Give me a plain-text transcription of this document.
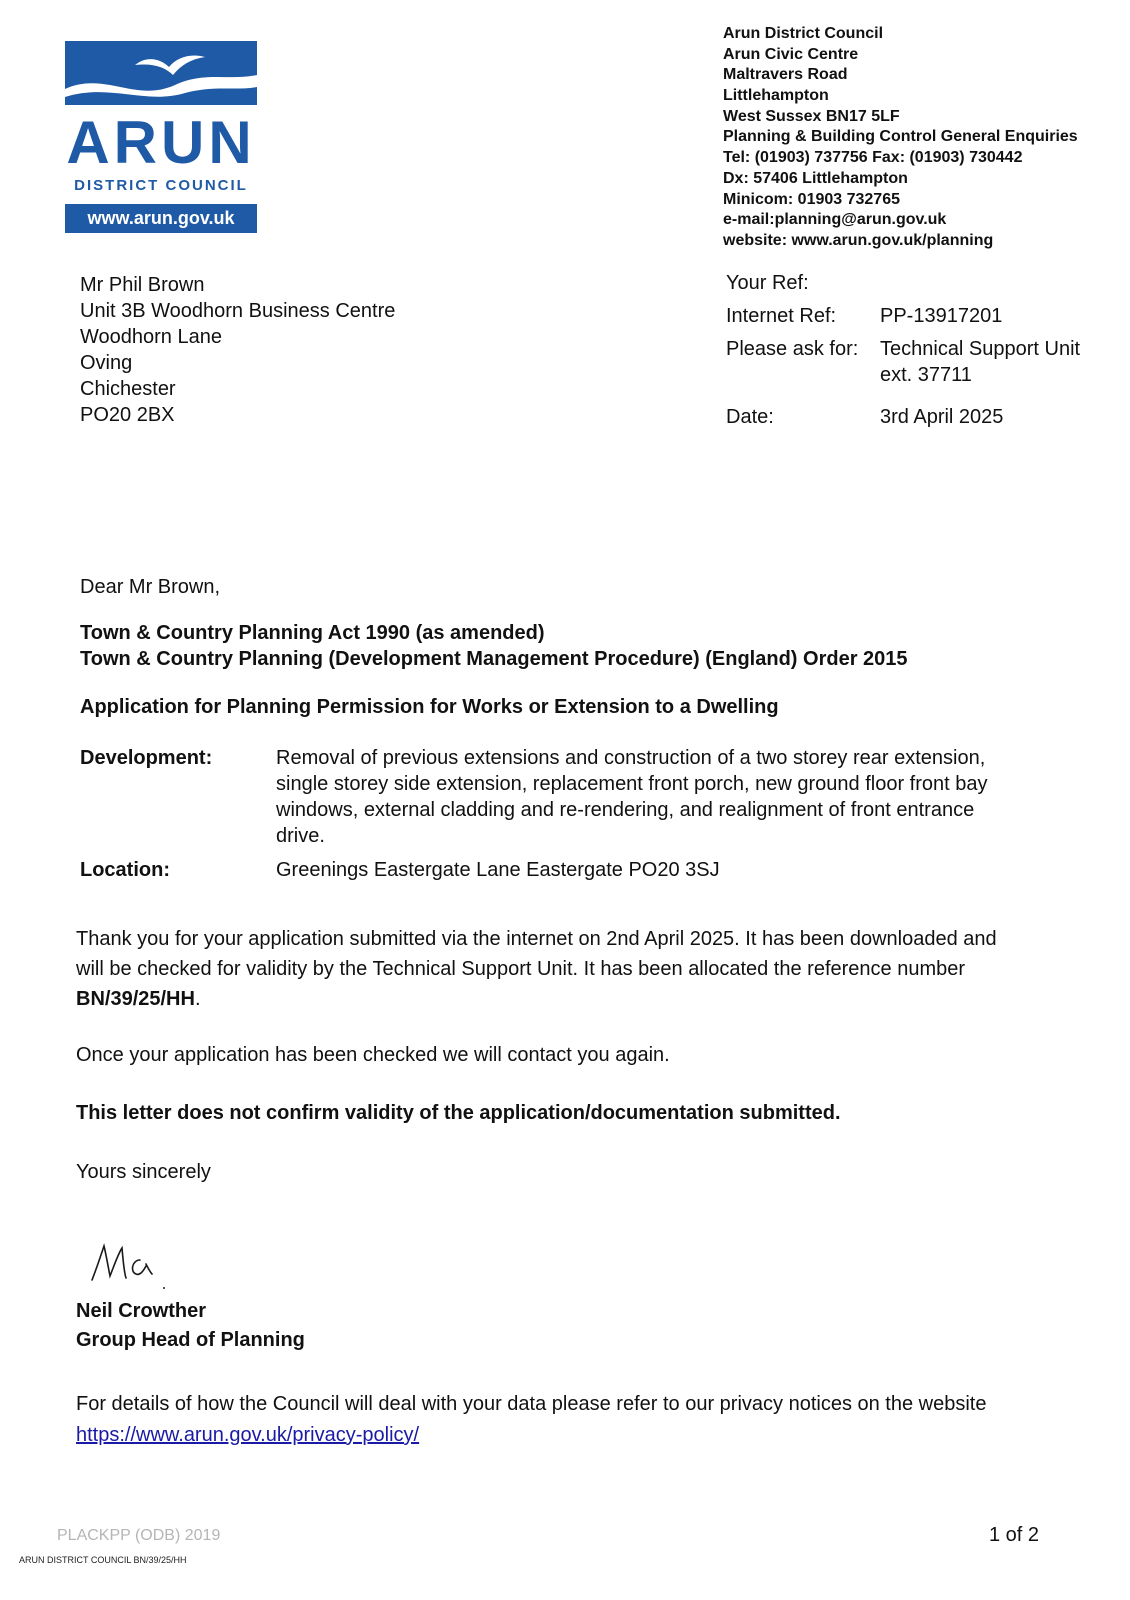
ARUN
DISTRICT COUNCIL
www.arun.gov.uk
Arun District Council
Arun Civic Centre
Maltravers Road
Littlehampton
West Sussex BN17 5LF
Planning & Building Control General Enquiries
Tel: (01903) 737756 Fax: (01903) 730442
Dx: 57406 Littlehampton
Minicom: 01903 732765
e-mail:planning@arun.gov.uk
website: www.arun.gov.uk/planning
Mr Phil Brown
Unit 3B Woodhorn Business Centre
Woodhorn Lane
Oving
Chichester
PO20 2BX
Your Ref:
Internet Ref: PP-13917201
Please ask for: Technical Support Unit
ext. 37711
Date:	3rd April 2025
Dear Mr Brown,
Town & Country Planning Act 1990 (as amended)
Town & Country Planning (Development Management Procedure) (England) Order 2015
Application for Planning Permission for Works or Extension to a Dwelling
Development:	Removal of previous extensions and construction of a two storey rear extension,
single storey side extension, replacement front porch, new ground floor front bay
windows, external cladding and re-rendering, and realignment of front entrance
drive.
Location:	Greenings Eastergate Lane Eastergate PO20 3SJ
Thank you for your application submitted via the internet on 2nd April 2025. It has been downloaded and
will be checked for validity by the Technical Support Unit. It has been allocated the reference number
BN/39/25/HH.
Once your application has been checked we will contact you again.
This letter does not confirm validity of the application/documentation submitted.
Yours sincerely
Neil Crowther
Group Head of Planning
For details of how the Council will deal with your data please refer to our privacy notices on the website
https://www.arun.gov.uk/privacy-policy/
PLACKPP (ODB) 2019
ARUN DISTRICT COUNCIL BN/39/25/HH
1 of 2
